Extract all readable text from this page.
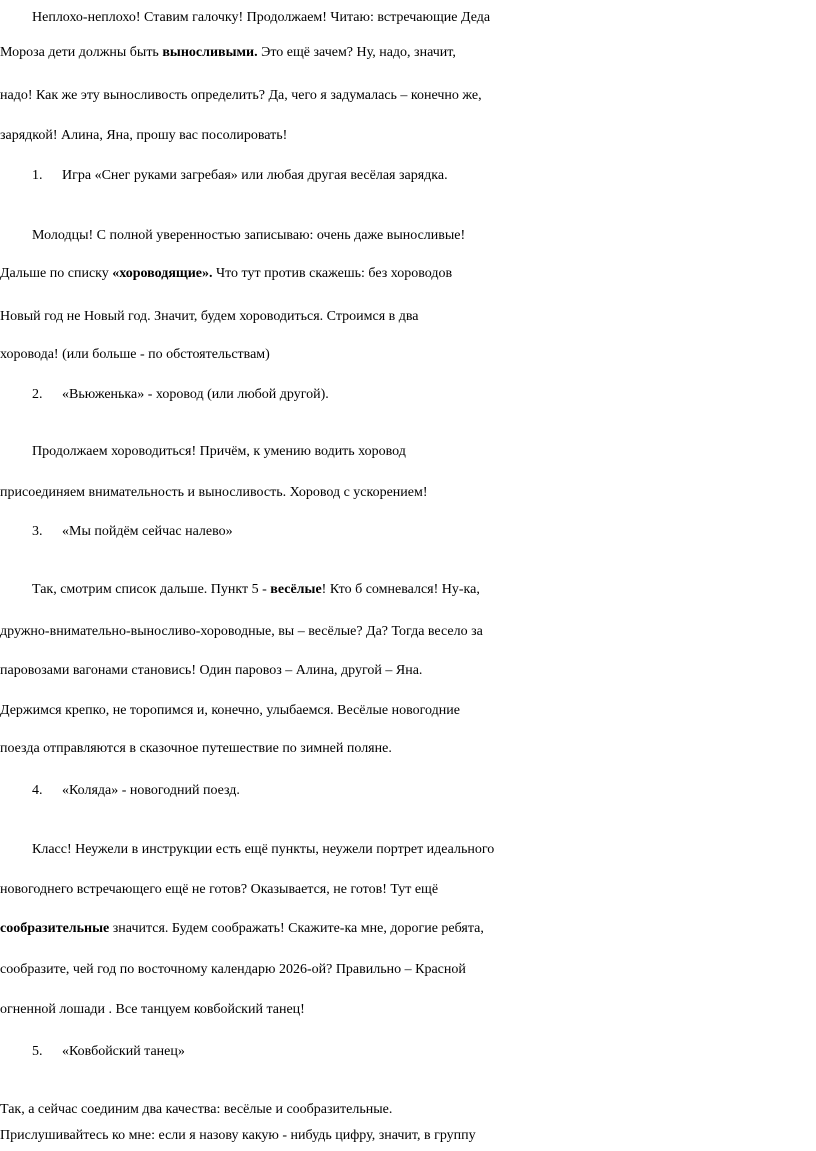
Неплохо-неплохо! Ставим галочку! Продолжаем! Читаю: встречающие Деда
Мороза дети должны быть выносливыми. Это ещё зачем? Ну, надо, значит,
надо! Как же эту выносливость определить? Да, чего я задумалась – конечно же,
зарядкой! Алина, Яна, прошу вас посолировать!
1. Игра «Снег руками загребая» или любая другая весёлая зарядка.
Молодцы! С полной уверенностью записываю: очень даже выносливые!
Дальше по списку «хороводящие». Что тут против скажешь: без хороводов
Новый год не Новый год. Значит, будем хороводиться. Строимся в два
хоровода! (или больше - по обстоятельствам)
2. «Вьюженька» - хоровод (или любой другой).
Продолжаем хороводиться! Причём, к умению водить хоровод
присоединяем внимательность и выносливость. Хоровод с ускорением!
3. «Мы пойдём сейчас налево»
Так, смотрим список дальше. Пункт 5 - весёлые! Кто б сомневался! Ну-ка,
дружно-внимательно-выносливо-хороводные, вы – весёлые? Да? Тогда весело за
паровозами вагонами становись! Один паровоз – Алина, другой – Яна.
Держимся крепко, не торопимся и, конечно, улыбаемся. Весёлые новогодние
поезда отправляются в сказочное путешествие по зимней поляне.
4. «Коляда» - новогодний поезд.
Класс! Неужели в инструкции есть ещё пункты, неужели портрет идеального
новогоднего встречающего ещё не готов? Оказывается, не готов! Тут ещё
сообразительные значится. Будем соображать! Скажите-ка мне, дорогие ребята,
сообразите, чей год по восточному календарю 2026-ой? Правильно – Красной
огненной лошади . Все танцуем ковбойский танец!
5. «Ковбойский танец»
Так, а сейчас соединим два качества: весёлые и сообразительные.
Прислушивайтесь ко мне: если я назову какую - нибудь цифру, значит, в группу
